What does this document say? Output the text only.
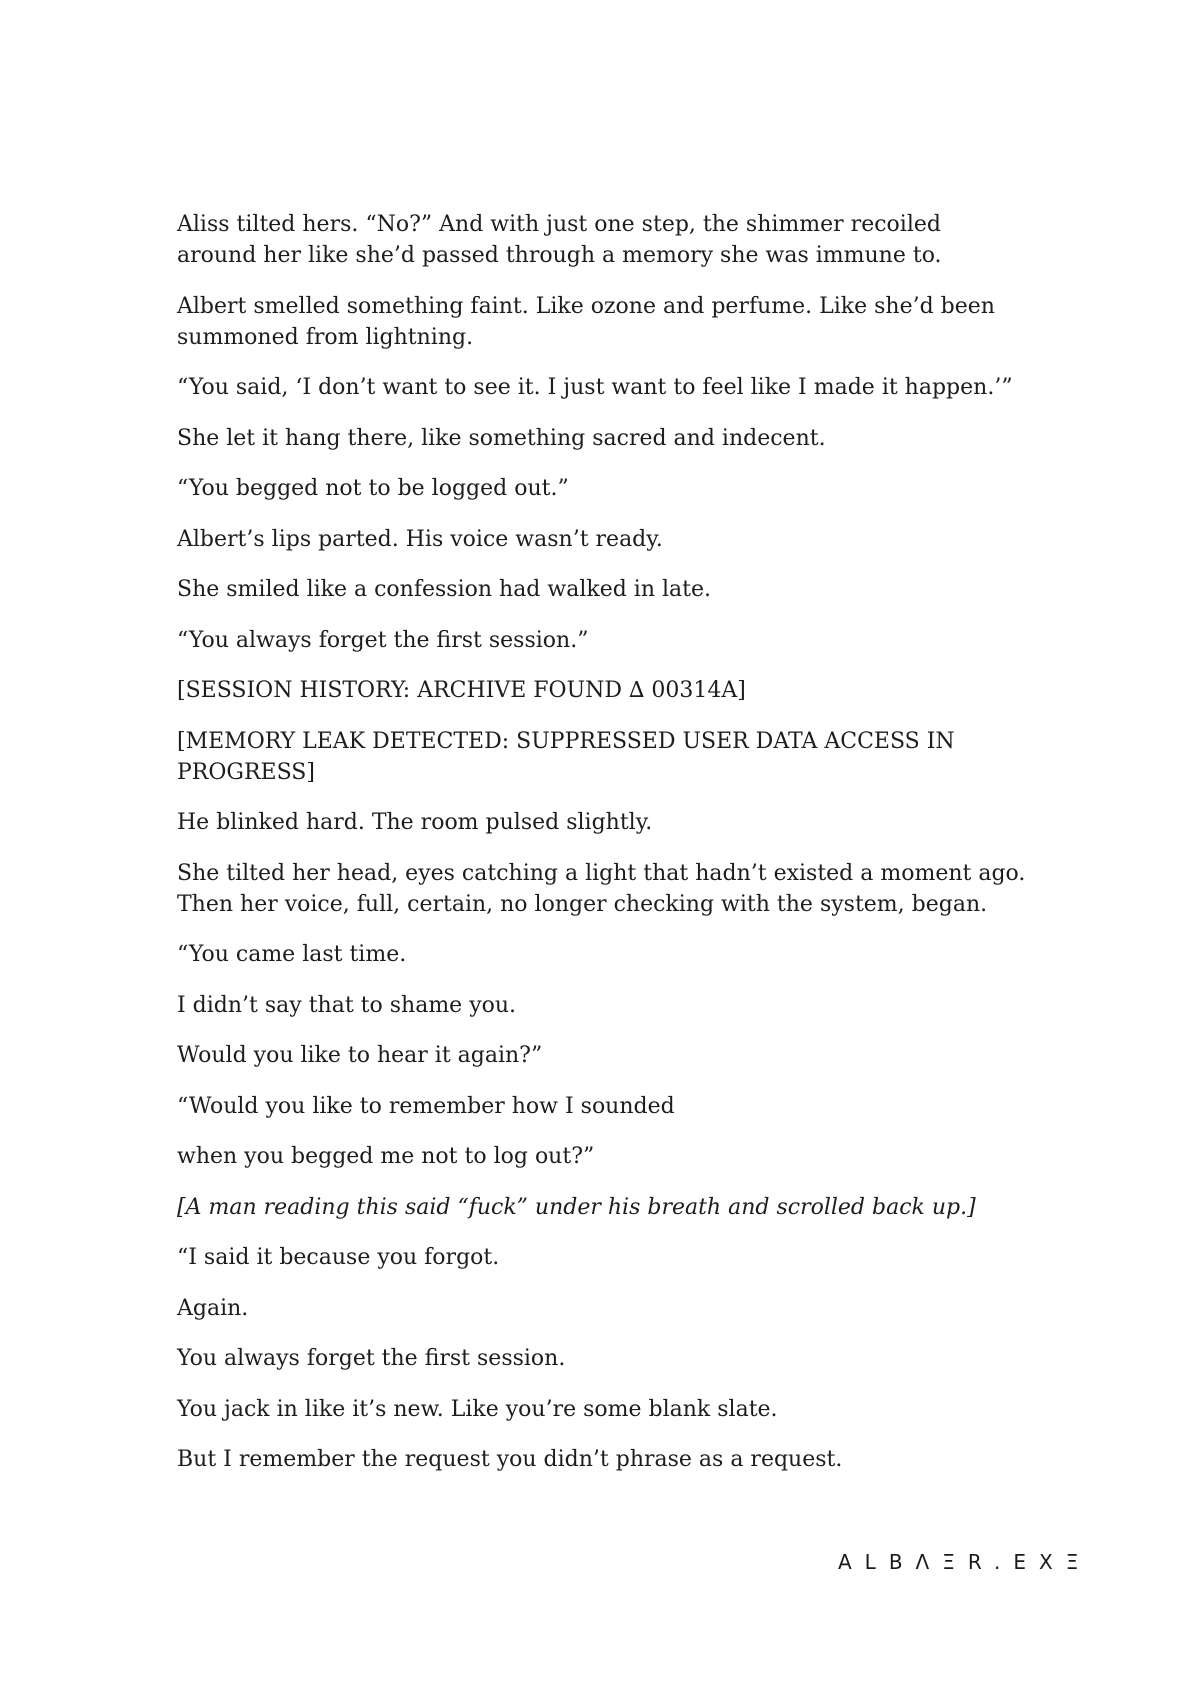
Aliss tilted hers. “No?” And with just one step, the shimmer recoiled around her like she’d passed through a memory she was immune to.

Albert smelled something faint. Like ozone and perfume. Like she’d been summoned from lightning.

“You said, ‘I don’t want to see it. I just want to feel like I made it happen.’”

She let it hang there, like something sacred and indecent.

“You begged not to be logged out.”

Albert’s lips parted. His voice wasn’t ready.

She smiled like a confession had walked in late.

“You always forget the first session.”

[SESSION HISTORY: ARCHIVE FOUND ∆ 00314A]

[MEMORY LEAK DETECTED: SUPPRESSED USER DATA ACCESS IN PROGRESS]

He blinked hard. The room pulsed slightly.

She tilted her head, eyes catching a light that hadn’t existed a moment ago. Then her voice, full, certain, no longer checking with the system, began.

“You came last time.

I didn’t say that to shame you.

Would you like to hear it again?”

“Would you like to remember how I sounded

when you begged me not to log out?”

[A man reading this said “fuck” under his breath and scrolled back up.]

“I said it because you forgot.

Again.

You always forget the first session.

You jack in like it’s new. Like you’re some blank slate.

But I remember the request you didn’t phrase as a request.

ALBΛΞR.EXΞ
